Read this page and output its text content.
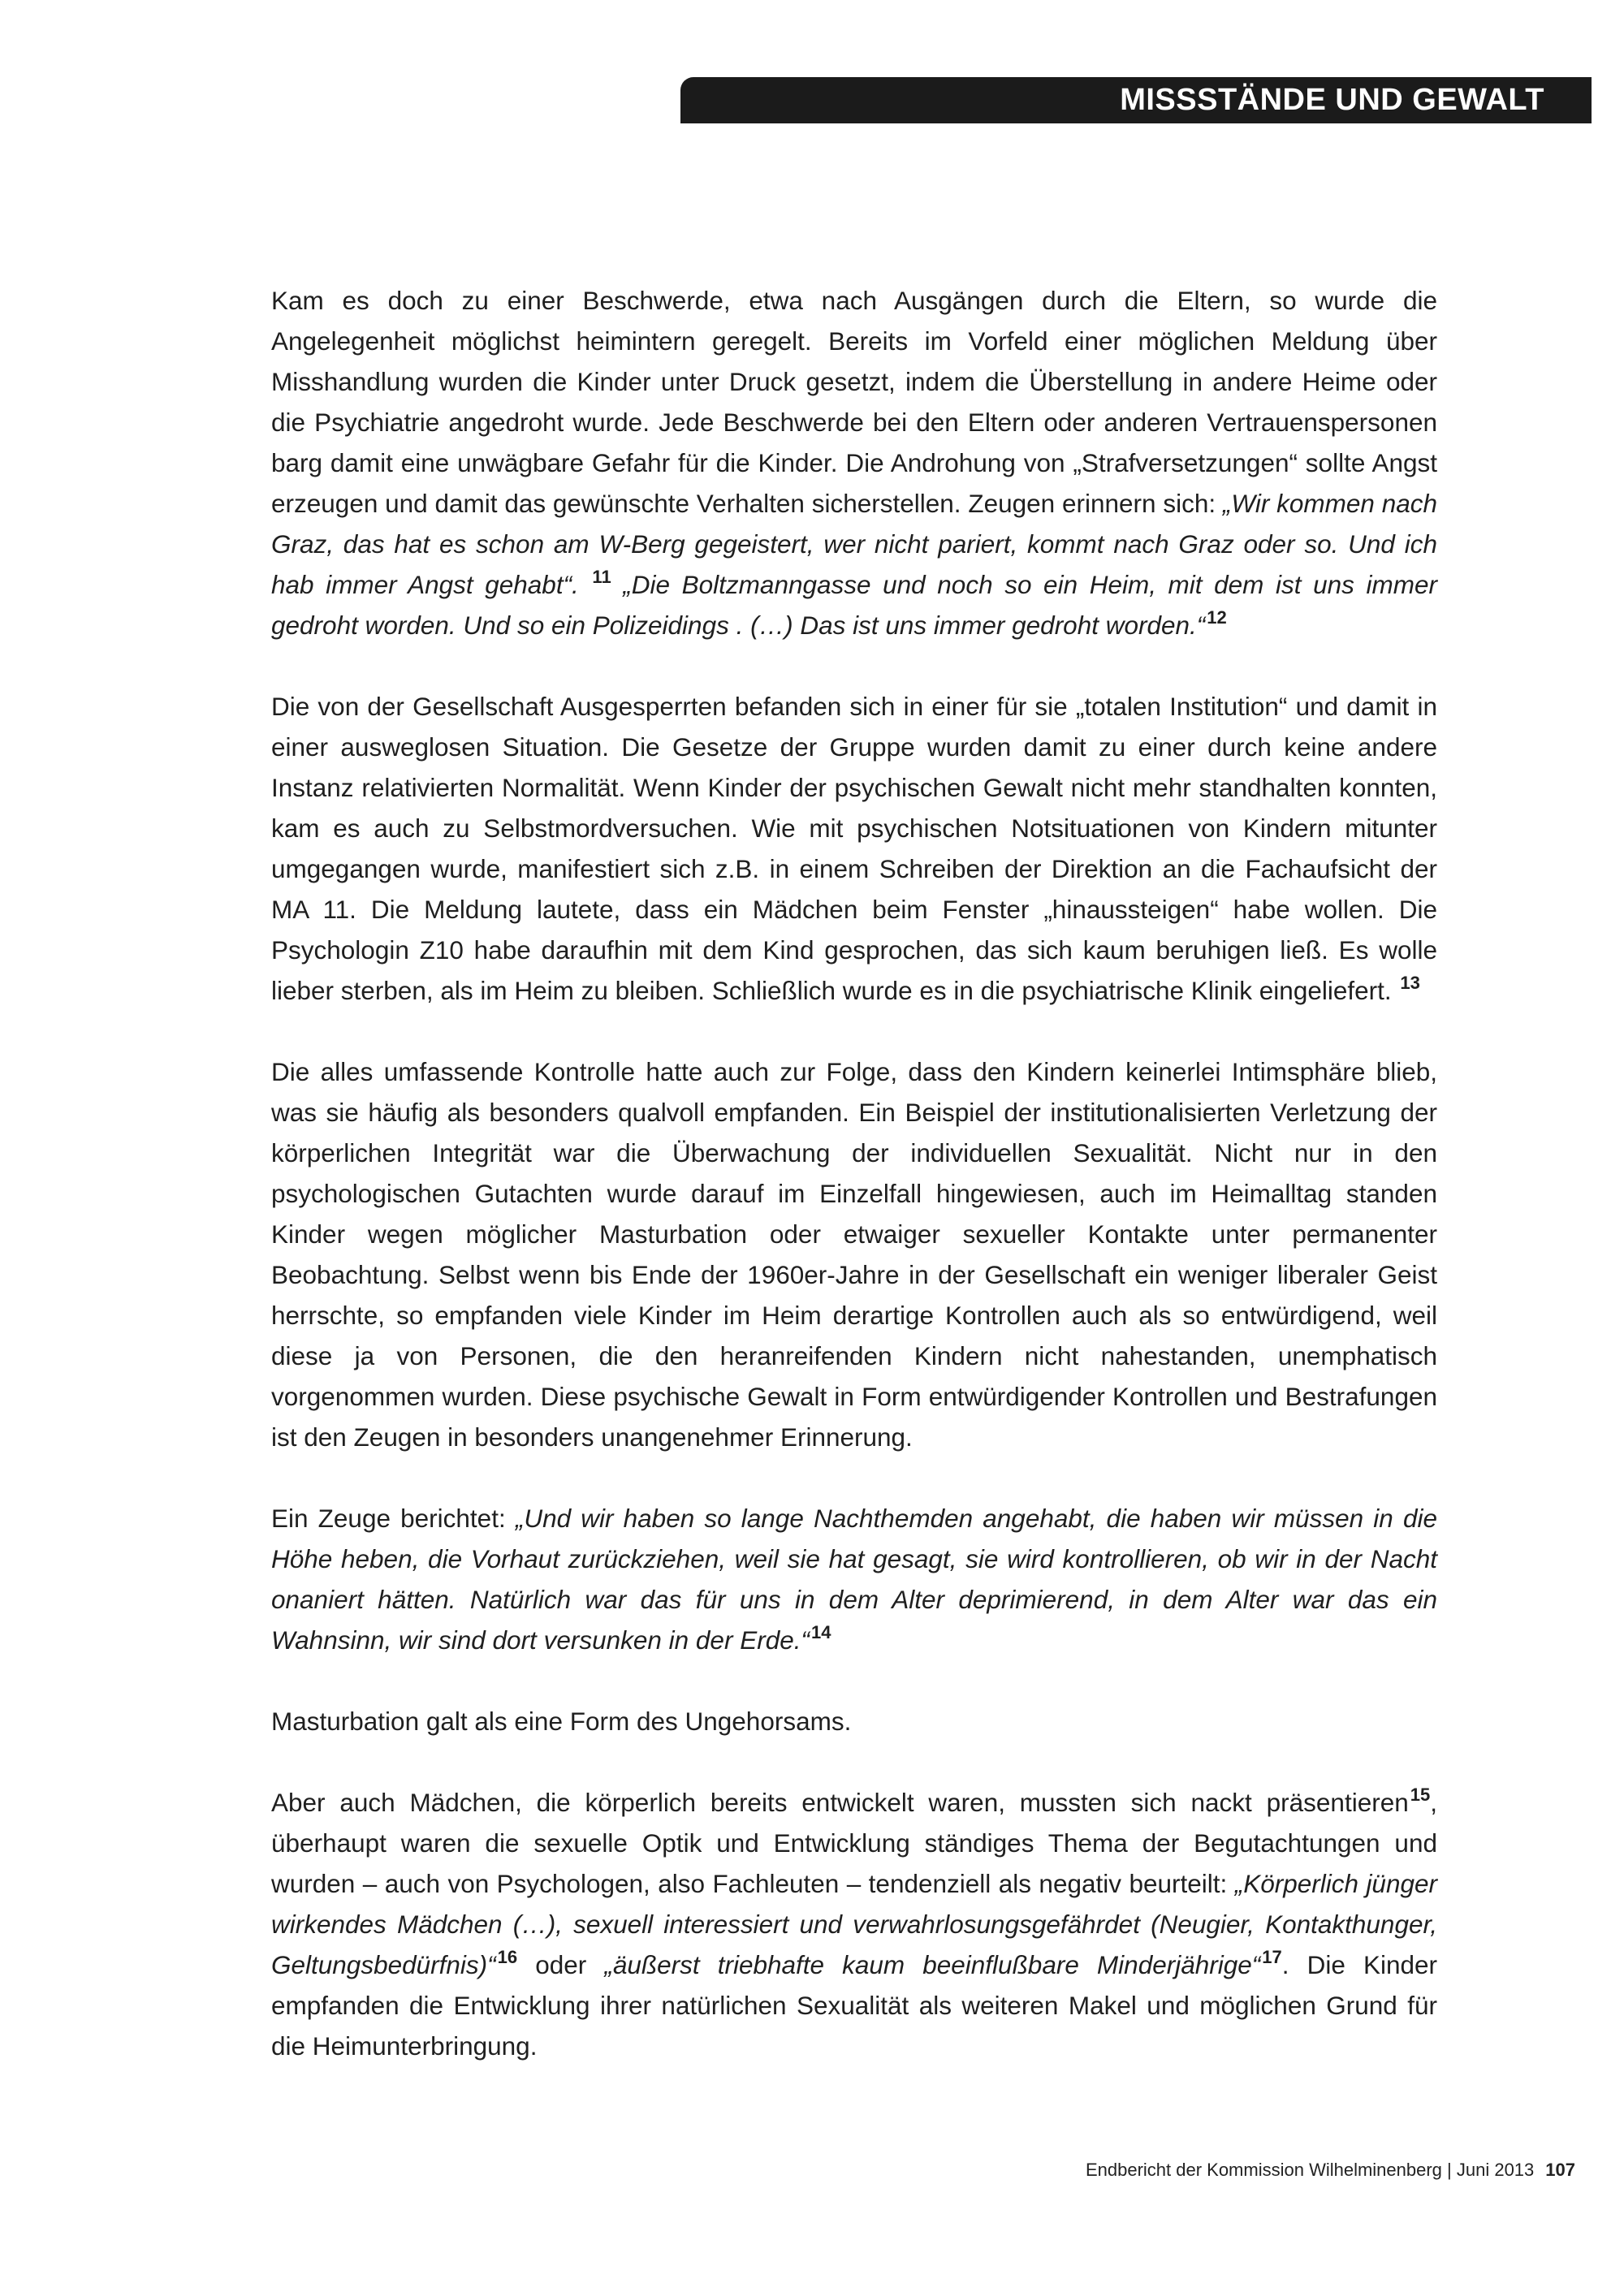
MISSSTÄNDE UND GEWALT

Kam es doch zu einer Beschwerde, etwa nach Ausgängen durch die Eltern, so wurde die Angelegenheit möglichst heimintern geregelt. Bereits im Vorfeld einer möglichen Meldung über Misshandlung wurden die Kinder unter Druck gesetzt, indem die Überstellung in andere Heime oder die Psychiatrie angedroht wurde. Jede Beschwerde bei den Eltern oder anderen Vertrauenspersonen barg damit eine unwägbare Gefahr für die Kinder. Die Androhung von „Strafversetzungen“ sollte Angst erzeugen und damit das gewünschte Verhalten sicherstellen. Zeugen erinnern sich: „Wir kommen nach Graz, das hat es schon am W-Berg gegeistert, wer nicht pariert, kommt nach Graz oder so. Und ich hab immer Angst gehabt“. $^{11}$ „Die Boltzmanngasse und noch so ein Heim, mit dem ist uns immer gedroht worden. Und so ein Polizeidings . (…) Das ist uns immer gedroht worden.“$^{12}$

Die von der Gesellschaft Ausgesperrten befanden sich in einer für sie „totalen Institution“ und damit in einer ausweglosen Situation. Die Gesetze der Gruppe wurden damit zu einer durch keine andere Instanz relativierten Normalität. Wenn Kinder der psychischen Gewalt nicht mehr standhalten konnten, kam es auch zu Selbstmordversuchen. Wie mit psychischen Notsituationen von Kindern mitunter umgegangen wurde, manifestiert sich z.B. in einem Schreiben der Direktion an die Fachaufsicht der MA 11. Die Meldung lautete, dass ein Mädchen beim Fenster „hinaussteigen“ habe wollen. Die Psychologin Z10 habe daraufhin mit dem Kind gesprochen, das sich kaum beruhigen ließ. Es wolle lieber sterben, als im Heim zu bleiben. Schließlich wurde es in die psychiatrische Klinik eingeliefert. $^{13}$

Die alles umfassende Kontrolle hatte auch zur Folge, dass den Kindern keinerlei Intimsphäre blieb, was sie häufig als besonders qualvoll empfanden. Ein Beispiel der institutionalisierten Verletzung der körperlichen Integrität war die Überwachung der individuellen Sexualität. Nicht nur in den psychologischen Gutachten wurde darauf im Einzelfall hingewiesen, auch im Heimalltag standen Kinder wegen möglicher Masturbation oder etwaiger sexueller Kontakte unter permanenter Beobachtung. Selbst wenn bis Ende der 1960er-Jahre in der Gesellschaft ein weniger liberaler Geist herrschte, so empfanden viele Kinder im Heim derartige Kontrollen auch als so entwürdigend, weil diese ja von Personen, die den heranreifenden Kindern nicht nahestanden, unemphatisch vorgenommen wurden. Diese psychische Gewalt in Form entwürdigender Kontrollen und Bestrafungen ist den Zeugen in besonders unangenehmer Erinnerung.

Ein Zeuge berichtet: „Und wir haben so lange Nachthemden angehabt, die haben wir müssen in die Höhe heben, die Vorhaut zurückziehen, weil sie hat gesagt, sie wird kontrollieren, ob wir in der Nacht onaniert hätten. Natürlich war das für uns in dem Alter deprimierend, in dem Alter war das ein Wahnsinn, wir sind dort versunken in der Erde.“$^{14}$

Masturbation galt als eine Form des Ungehorsams.

Aber auch Mädchen, die körperlich bereits entwickelt waren, mussten sich nackt präsentieren$^{15}$, überhaupt waren die sexuelle Optik und Entwicklung ständiges Thema der Begutachtungen und wurden – auch von Psychologen, also Fachleuten – tendenziell als negativ beurteilt: „Körperlich jünger wirkendes Mädchen (…), sexuell interessiert und verwahrlosungsgefährdet (Neugier, Kontakthunger, Geltungsbedürfnis)“$^{16}$ oder „äußerst triebhafte kaum beeinflußbare Minderjährige“$^{17}$. Die Kinder empfanden die Entwicklung ihrer natürlichen Sexualität als weiteren Makel und möglichen Grund für die Heimunterbringung.

Endbericht der Kommission Wilhelminenberg | Juni 2013 107
